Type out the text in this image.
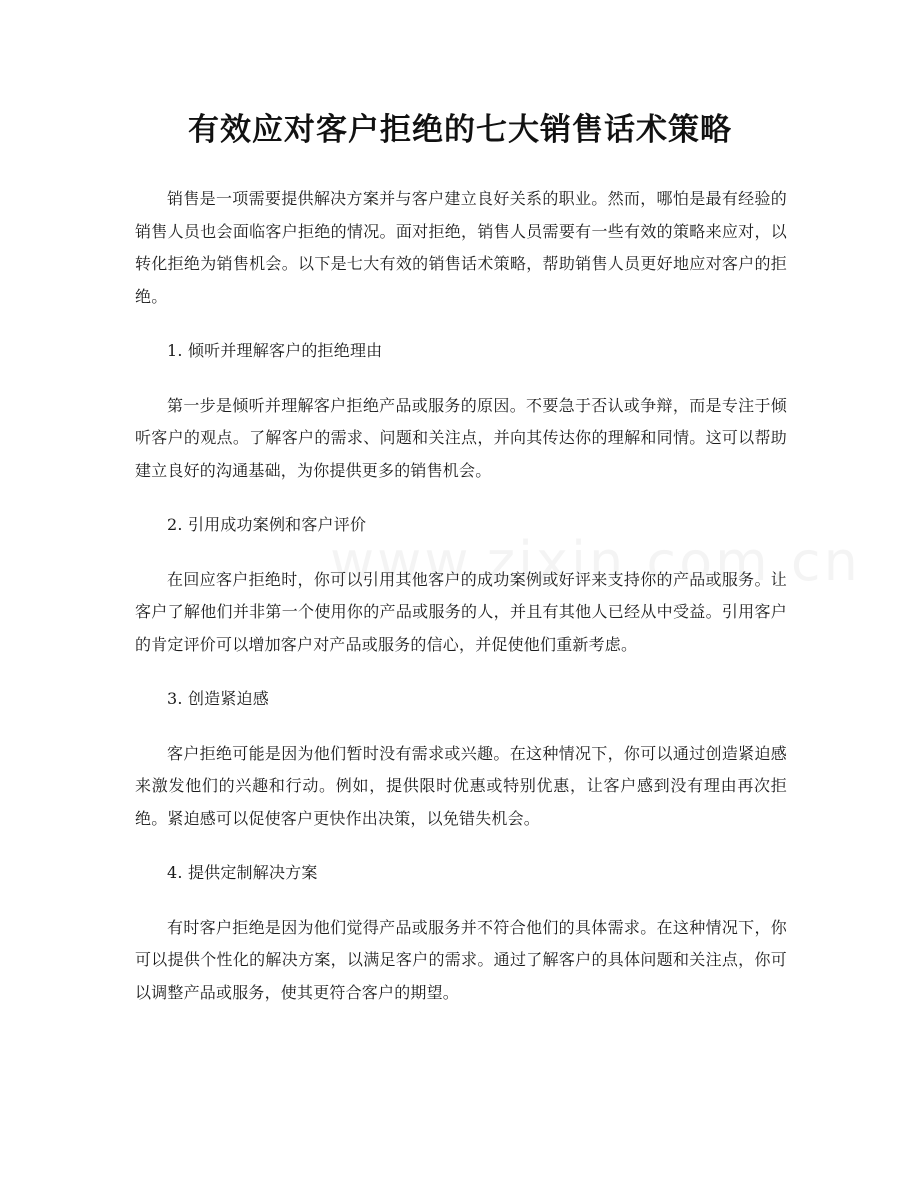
有效应对客户拒绝的七大销售话术策略

销售是一项需要提供解决方案并与客户建立良好关系的职业。然而，哪怕是最有经验的销售人员也会面临客户拒绝的情况。面对拒绝，销售人员需要有一些有效的策略来应对，以转化拒绝为销售机会。以下是七大有效的销售话术策略，帮助销售人员更好地应对客户的拒绝。

1. 倾听并理解客户的拒绝理由

第一步是倾听并理解客户拒绝产品或服务的原因。不要急于否认或争辩，而是专注于倾听客户的观点。了解客户的需求、问题和关注点，并向其传达你的理解和同情。这可以帮助建立良好的沟通基础，为你提供更多的销售机会。

2. 引用成功案例和客户评价

在回应客户拒绝时，你可以引用其他客户的成功案例或好评来支持你的产品或服务。让客户了解他们并非第一个使用你的产品或服务的人，并且有其他人已经从中受益。引用客户的肯定评价可以增加客户对产品或服务的信心，并促使他们重新考虑。

3. 创造紧迫感

客户拒绝可能是因为他们暂时没有需求或兴趣。在这种情况下，你可以通过创造紧迫感来激发他们的兴趣和行动。例如，提供限时优惠或特别优惠，让客户感到没有理由再次拒绝。紧迫感可以促使客户更快作出决策，以免错失机会。

4. 提供定制解决方案

有时客户拒绝是因为他们觉得产品或服务并不符合他们的具体需求。在这种情况下，你可以提供个性化的解决方案，以满足客户的需求。通过了解客户的具体问题和关注点，你可以调整产品或服务，使其更符合客户的期望。
